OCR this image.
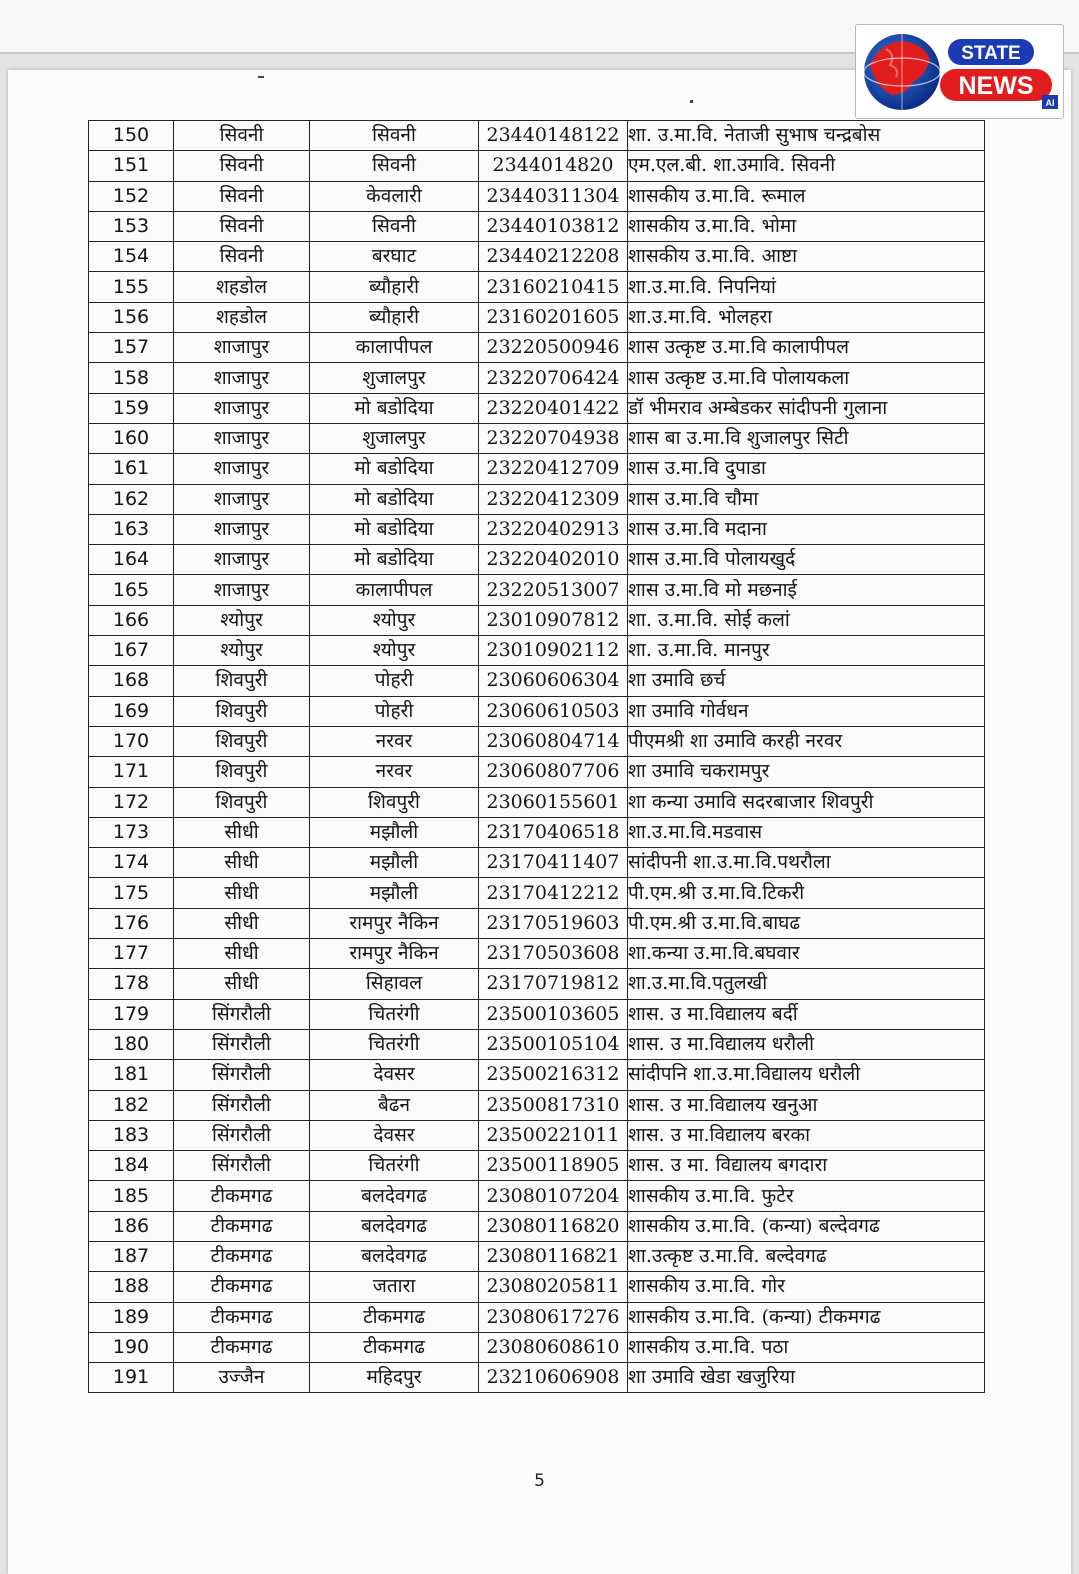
STATE
NEWS
AI
150	सिवनी	सिवनी	23440148122	शा. उ.मा.वि. नेताजी सुभाष चन्द्रबोस
151	सिवनी	सिवनी	2344014820	एम.एल.बी. शा.उमावि. सिवनी
152	सिवनी	केवलारी	23440311304	शासकीय उ.मा.वि. रूमाल
153	सिवनी	सिवनी	23440103812	शासकीय उ.मा.वि. भोमा
154	सिवनी	बरघाट	23440212208	शासकीय उ.मा.वि. आष्टा
155	शहडोल	ब्यौहारी	23160210415	शा.उ.मा.वि. निपनियां
156	शहडोल	ब्यौहारी	23160201605	शा.उ.मा.वि. भोलहरा
157	शाजापुर	कालापीपल	23220500946	शास उत्कृष्ट उ.मा.वि कालापीपल
158	शाजापुर	शुजालपुर	23220706424	शास उत्कृष्ट उ.मा.वि पोलायकला
159	शाजापुर	मो बडोदिया	23220401422	डॉ भीमराव अम्बेडकर सांदीपनी गुलाना
160	शाजापुर	शुजालपुर	23220704938	शास बा उ.मा.वि शुजालपुर सिटी
161	शाजापुर	मो बडोदिया	23220412709	शास उ.मा.वि दुपाडा
162	शाजापुर	मो बडोदिया	23220412309	शास उ.मा.वि चौमा
163	शाजापुर	मो बडोदिया	23220402913	शास उ.मा.वि मदाना
164	शाजापुर	मो बडोदिया	23220402010	शास उ.मा.वि पोलायखुर्द
165	शाजापुर	कालापीपल	23220513007	शास उ.मा.वि मो मछनाई
166	श्योपुर	श्योपुर	23010907812	शा. उ.मा.वि. सोई कलां
167	श्योपुर	श्योपुर	23010902112	शा. उ.मा.वि. मानपुर
168	शिवपुरी	पोहरी	23060606304	शा उमावि छर्च
169	शिवपुरी	पोहरी	23060610503	शा उमावि गोर्वधन
170	शिवपुरी	नरवर	23060804714	पीएमश्री शा उमावि करही नरवर
171	शिवपुरी	नरवर	23060807706	शा उमावि चकरामपुर
172	शिवपुरी	शिवपुरी	23060155601	शा कन्या उमावि सदरबाजार शिवपुरी
173	सीधी	मझौली	23170406518	शा.उ.मा.वि.मडवास
174	सीधी	मझौली	23170411407	सांदीपनी शा.उ.मा.वि.पथरौला
175	सीधी	मझौली	23170412212	पी.एम.श्री उ.मा.वि.टिकरी
176	सीधी	रामपुर नैकिन	23170519603	पी.एम.श्री उ.मा.वि.बाघढ
177	सीधी	रामपुर नैकिन	23170503608	शा.कन्या उ.मा.वि.बघवार
178	सीधी	सिहावल	23170719812	शा.उ.मा.वि.पतुलखी
179	सिंगरौली	चितरंगी	23500103605	शास. उ मा.विद्यालय बर्दी
180	सिंगरौली	चितरंगी	23500105104	शास. उ मा.विद्यालय धरौली
181	सिंगरौली	देवसर	23500216312	सांदीपनि शा.उ.मा.विद्यालय धरौली
182	सिंगरौली	बैढन	23500817310	शास. उ मा.विद्यालय खनुआ
183	सिंगरौली	देवसर	23500221011	शास. उ मा.विद्यालय बरका
184	सिंगरौली	चितरंगी	23500118905	शास. उ मा. विद्यालय बगदारा
185	टीकमगढ	बलदेवगढ	23080107204	शासकीय उ.मा.वि. फुटेर
186	टीकमगढ	बलदेवगढ	23080116820	शासकीय उ.मा.वि. (कन्या) बल्देवगढ
187	टीकमगढ	बलदेवगढ	23080116821	शा.उत्कृष्ट उ.मा.वि. बल्देवगढ
188	टीकमगढ	जतारा	23080205811	शासकीय उ.मा.वि. गोर
189	टीकमगढ	टीकमगढ	23080617276	शासकीय उ.मा.वि. (कन्या) टीकमगढ
190	टीकमगढ	टीकमगढ	23080608610	शासकीय उ.मा.वि. पठा
191	उज्जैन	महिदपुर	23210606908	शा उमावि खेडा खजुरिया
5
